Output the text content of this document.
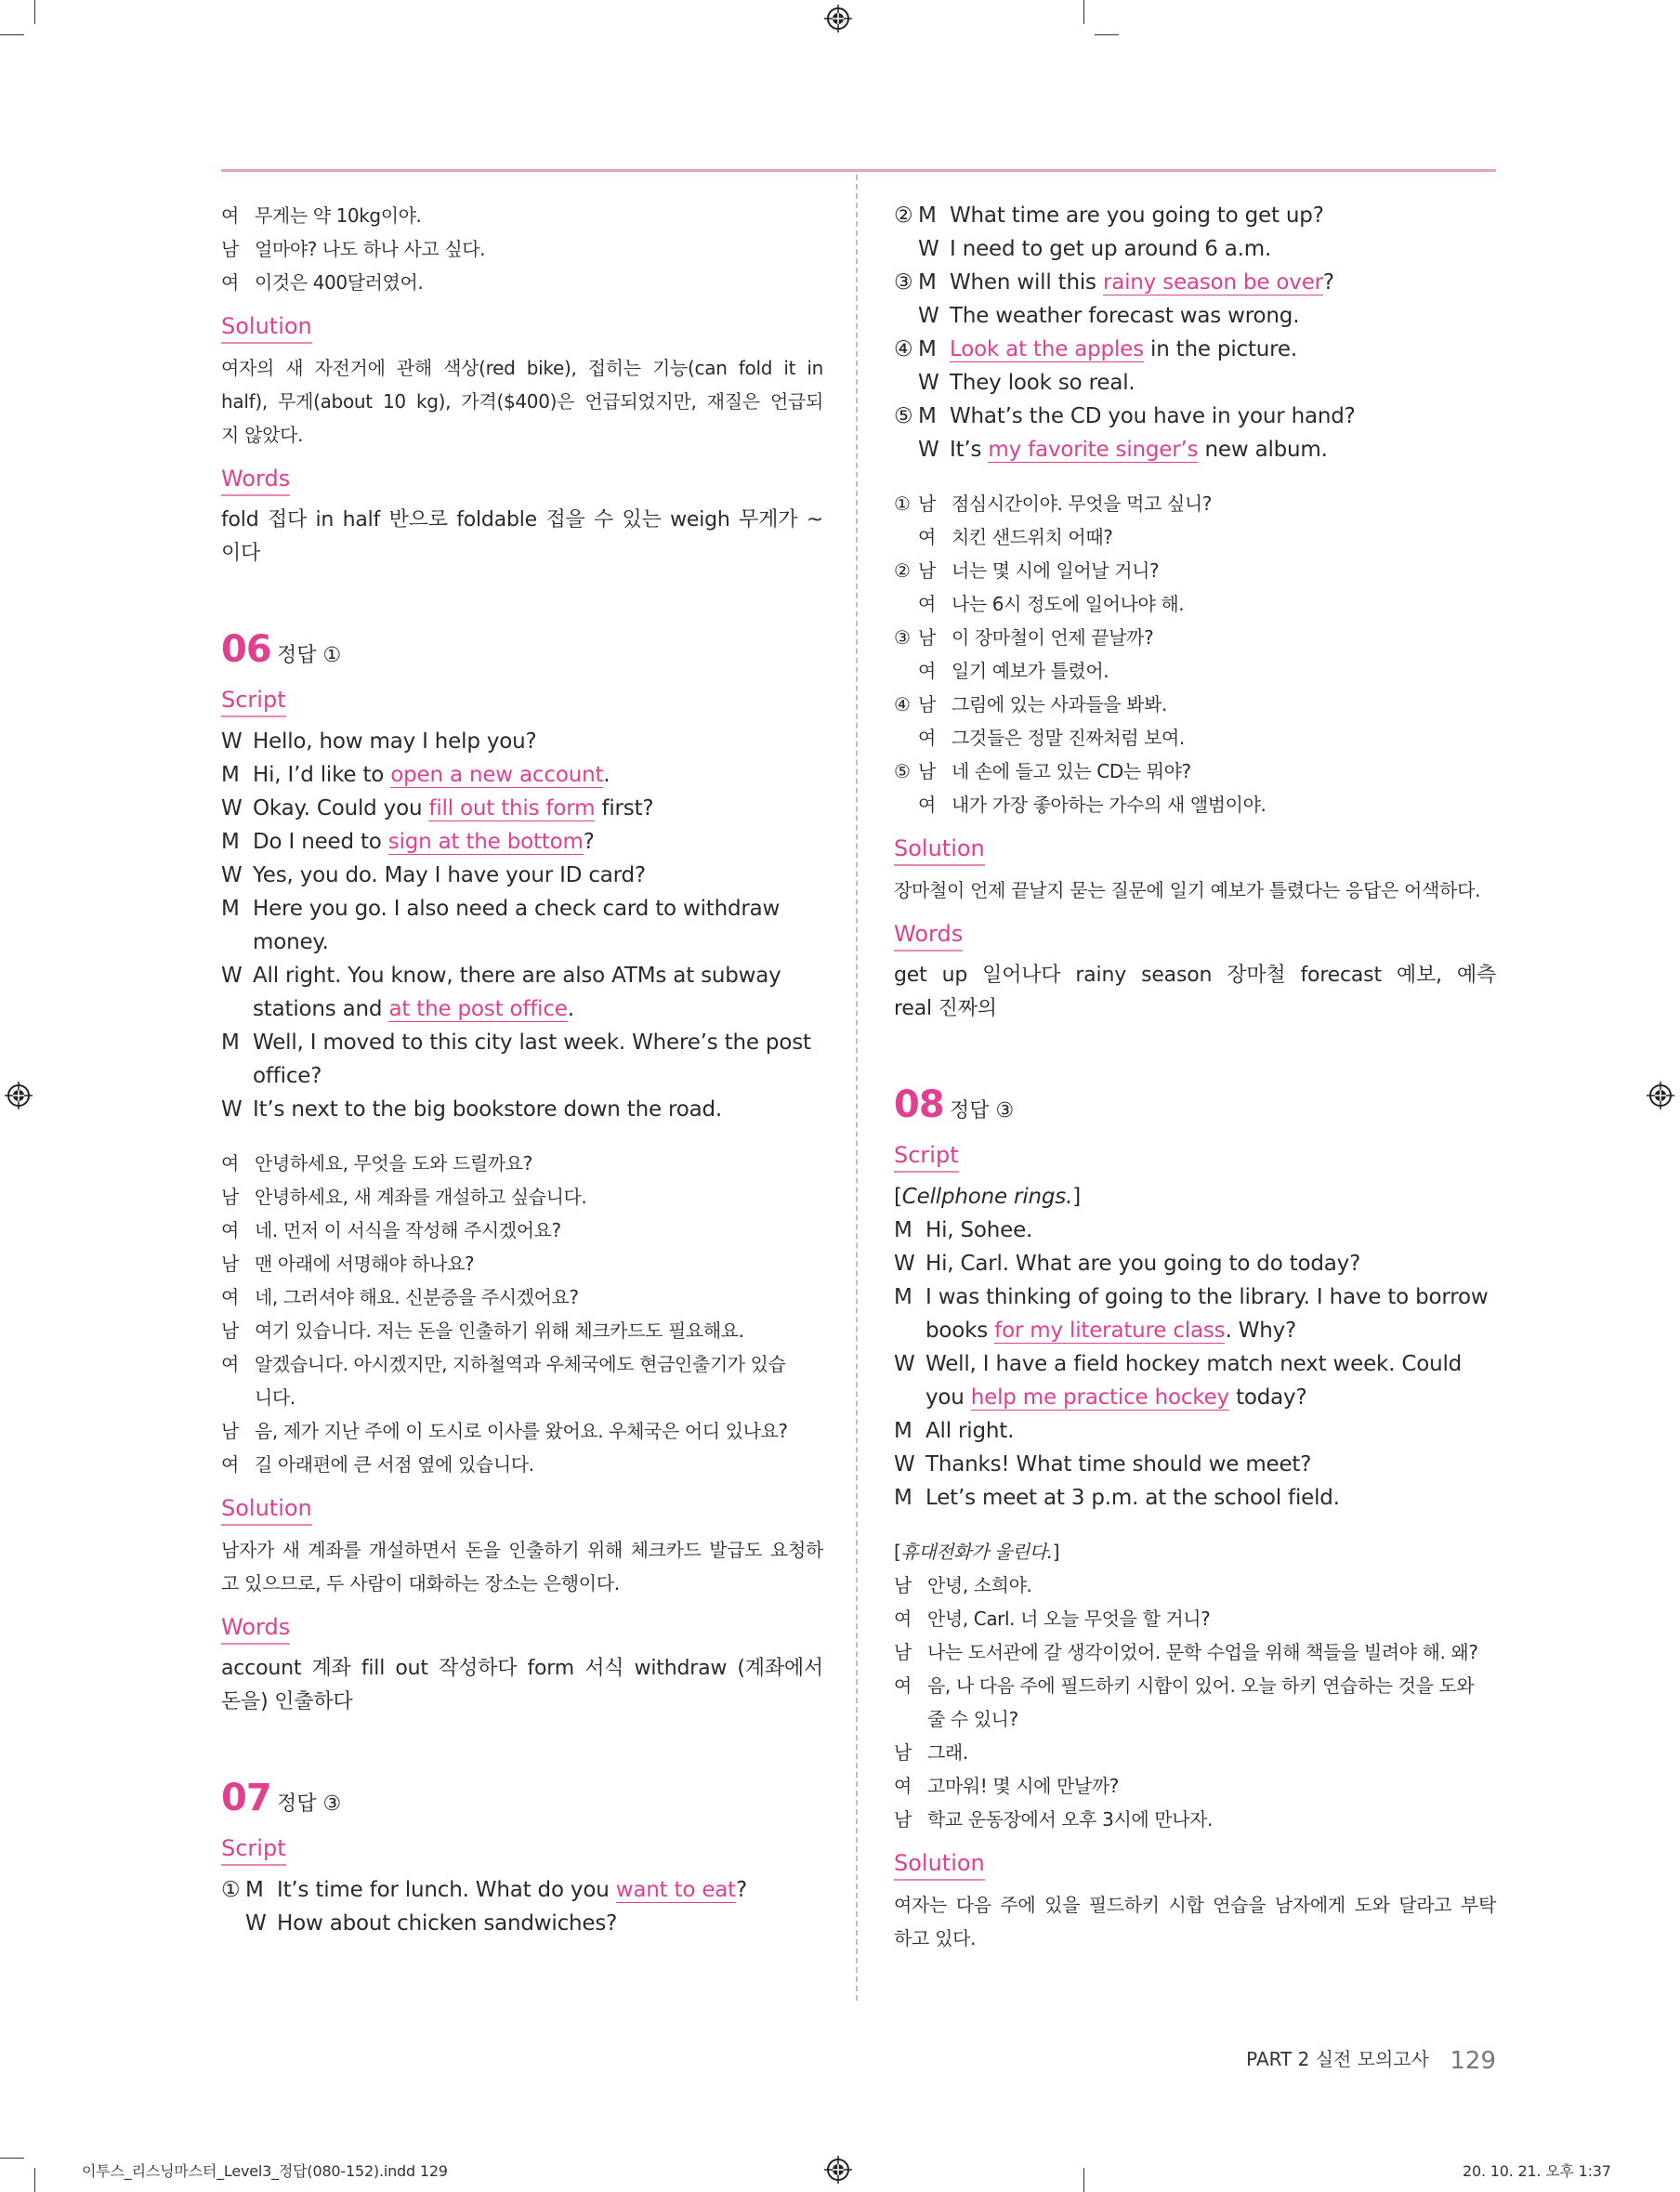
여 무게는 약 10kg이야.
남 얼마야? 나도 하나 사고 싶다.
여 이것은 400달러였어.
Solution
여자의 새 자전거에 관해 색상(red bike), 접히는 기능(can fold it in
half), 무게(about 10 kg), 가격($400)은 언급되었지만, 재질은 언급되
지 않았다.
Words
fold 접다 in half 반으로 foldable 접을 수 있는 weigh 무게가 ~
이다
06 정답 ①
Script
W Hello, how may I help you?
M Hi, I’d like to open a new account.
W Okay. Could you fill out this form first?
M Do I need to sign at the bottom?
W Yes, you do. May I have your ID card?
M Here you go. I also need a check card to withdraw
money.
W All right. You know, there are also ATMs at subway
stations and at the post office.
M Well, I moved to this city last week. Where’s the post
office?
W It’s next to the big bookstore down the road.
여 안녕하세요, 무엇을 도와 드릴까요?
남 안녕하세요, 새 계좌를 개설하고 싶습니다.
여 네. 먼저 이 서식을 작성해 주시겠어요?
남 맨 아래에 서명해야 하나요?
여 네, 그러셔야 해요. 신분증을 주시겠어요?
남 여기 있습니다. 저는 돈을 인출하기 위해 체크카드도 필요해요.
여 알겠습니다. 아시겠지만, 지하철역과 우체국에도 현금인출기가 있습
니다.
남 음, 제가 지난 주에 이 도시로 이사를 왔어요. 우체국은 어디 있나요?
여 길 아래편에 큰 서점 옆에 있습니다.
Solution
남자가 새 계좌를 개설하면서 돈을 인출하기 위해 체크카드 발급도 요청하
고 있으므로, 두 사람이 대화하는 장소는 은행이다.
Words
account 계좌 fill out 작성하다 form 서식 withdraw (계좌에서
돈을) 인출하다
07 정답 ③
Script
① M It’s time for lunch. What do you want to eat?
W How about chicken sandwiches?
② M What time are you going to get up?
W I need to get up around 6 a.m.
③ M When will this rainy season be over?
W The weather forecast was wrong.
④ M Look at the apples in the picture.
W They look so real.
⑤ M What’s the CD you have in your hand?
W It’s my favorite singer’s new album.
① 남 점심시간이야. 무엇을 먹고 싶니?
여 치킨 샌드위치 어때?
② 남 너는 몇 시에 일어날 거니?
여 나는 6시 정도에 일어나야 해.
③ 남 이 장마철이 언제 끝날까?
여 일기 예보가 틀렸어.
④ 남 그림에 있는 사과들을 봐봐.
여 그것들은 정말 진짜처럼 보여.
⑤ 남 네 손에 들고 있는 CD는 뭐야?
여 내가 가장 좋아하는 가수의 새 앨범이야.
Solution
장마철이 언제 끝날지 묻는 질문에 일기 예보가 틀렸다는 응답은 어색하다.
Words
get up 일어나다 rainy season 장마철 forecast 예보, 예측
real 진짜의
08 정답 ③
Script
[Cellphone rings.]
M Hi, Sohee.
W Hi, Carl. What are you going to do today?
M I was thinking of going to the library. I have to borrow
books for my literature class. Why?
W Well, I have a field hockey match next week. Could
you help me practice hockey today?
M All right.
W Thanks! What time should we meet?
M Let’s meet at 3 p.m. at the school field.
[휴대전화가 울린다.]
남 안녕, 소희야.
여 안녕, Carl. 너 오늘 무엇을 할 거니?
남 나는 도서관에 갈 생각이었어. 문학 수업을 위해 책들을 빌려야 해. 왜?
여 음, 나 다음 주에 필드하키 시합이 있어. 오늘 하키 연습하는 것을 도와
줄 수 있니?
남 그래.
여 고마워! 몇 시에 만날까?
남 학교 운동장에서 오후 3시에 만나자.
Solution
여자는 다음 주에 있을 필드하키 시합 연습을 남자에게 도와 달라고 부탁
하고 있다.
PART 2 실전 모의고사 129
이투스_리스닝마스터_Level3_정답(080-152).indd 129	20. 10. 21. 오후 1:37
